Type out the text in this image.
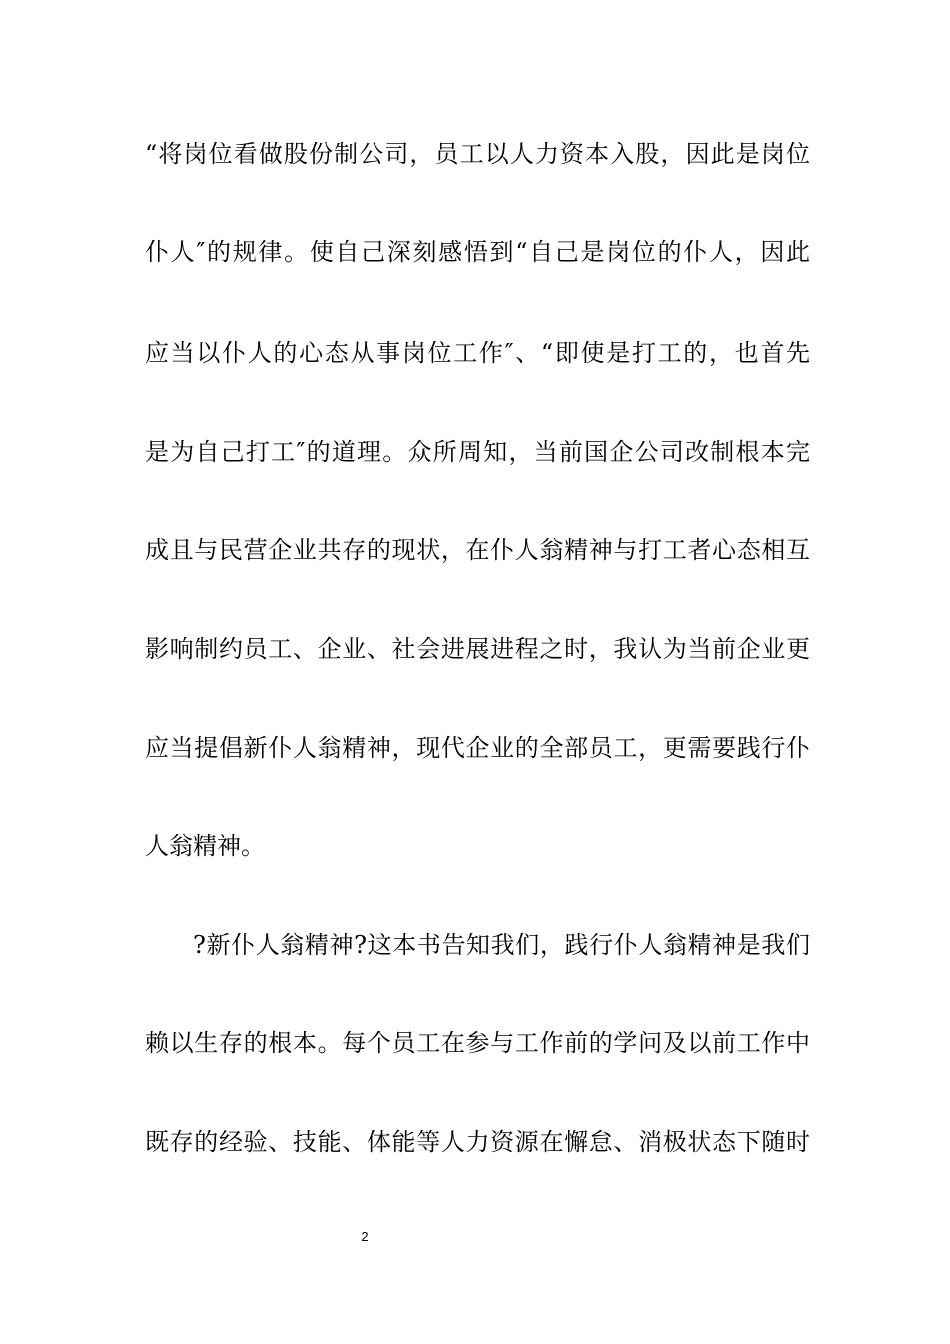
“将岗位看做股份制公司，员工以人力资本入股，因此是岗位
仆人″的规律。使自己深刻感悟到“自己是岗位的仆人，因此
应当以仆人的心态从事岗位工作″、“即使是打工的，也首先
是为自己打工″的道理。众所周知，当前国企公司改制根本完
成且与民营企业共存的现状，在仆人翁精神与打工者心态相互
影响制约员工、企业、社会进展进程之时，我认为当前企业更
应当提倡新仆人翁精神，现代企业的全部员工，更需要践行仆
人翁精神。
?新仆人翁精神?这本书告知我们，践行仆人翁精神是我们
赖以生存的根本。每个员工在参与工作前的学问及以前工作中
既存的经验、技能、体能等人力资源在懈怠、消极状态下随时
2
